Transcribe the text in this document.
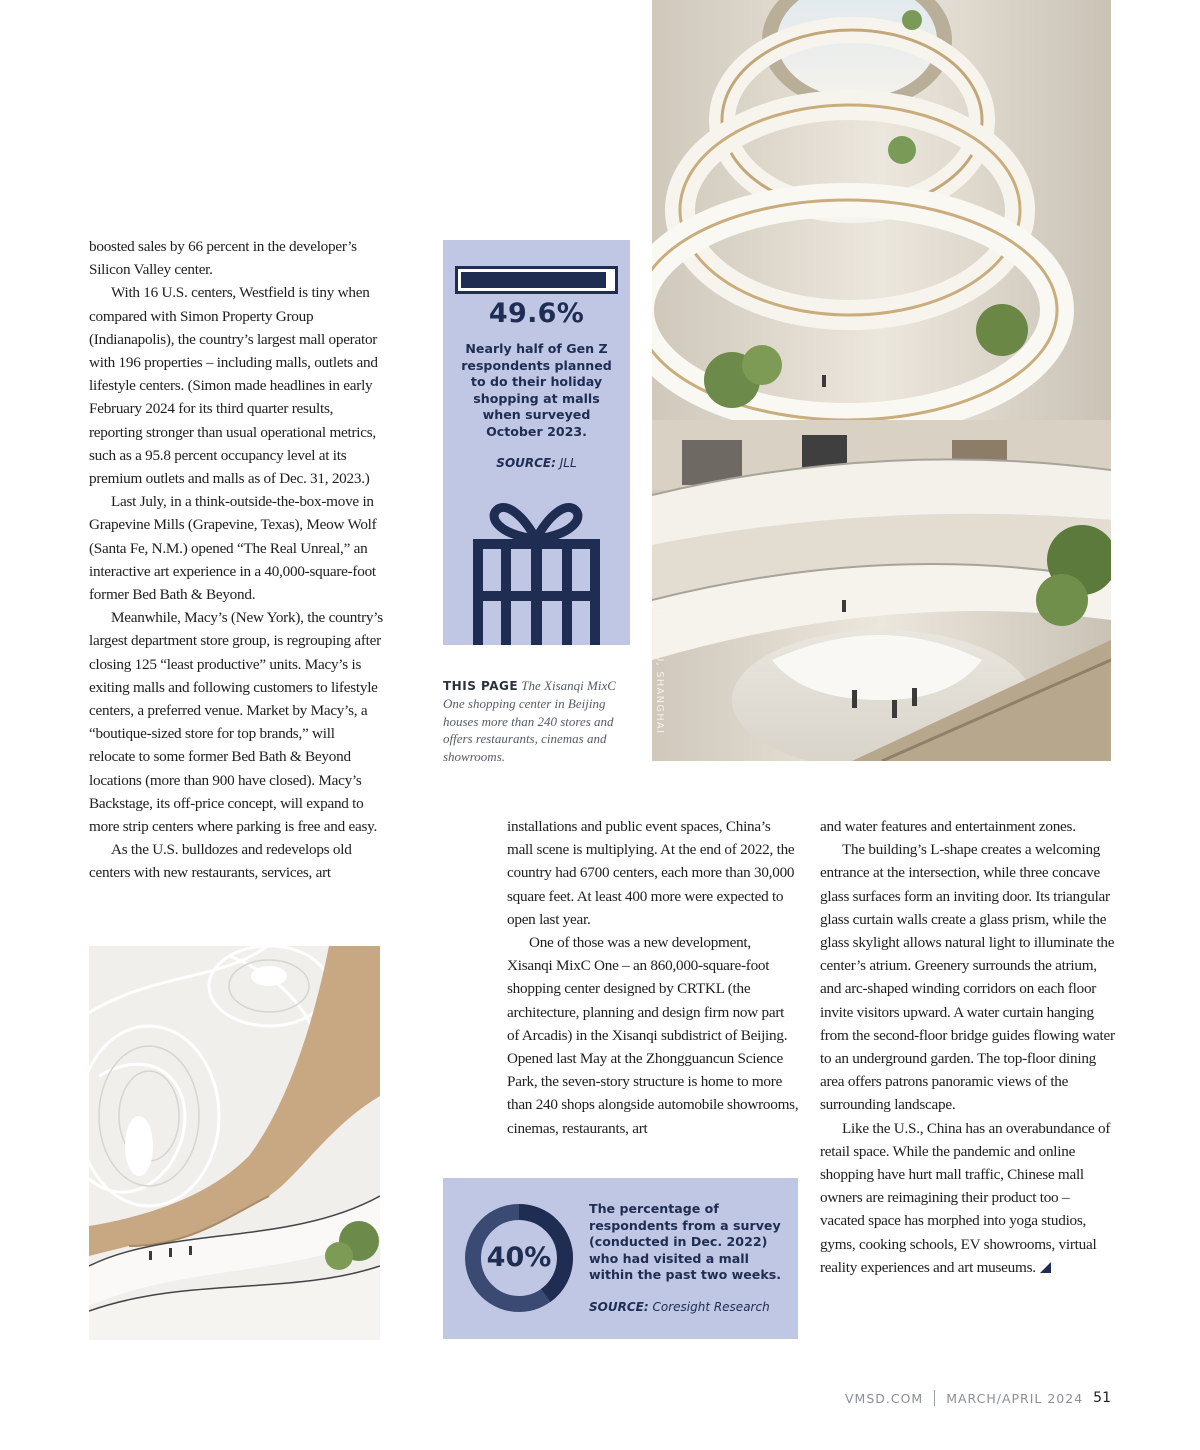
boosted sales by 66 percent in the developer’s Silicon Valley center.

With 16 U.S. centers, Westfield is tiny when compared with Simon Property Group (Indianapolis), the country’s largest mall operator with 196 properties – including malls, outlets and lifestyle centers. (Simon made headlines in early February 2024 for its third quarter results, reporting stronger than usual operational metrics, such as a 95.8 percent occupancy level at its premium outlets and malls as of Dec. 31, 2023.)

Last July, in a think-outside-the-box-move in Grapevine Mills (Grapevine, Texas), Meow Wolf (Santa Fe, N.M.) opened “The Real Unreal,” an interactive art experience in a 40,000-square-foot former Bed Bath & Beyond.

Meanwhile, Macy’s (New York), the country’s largest department store group, is regrouping after closing 125 “least productive” units. Macy’s is exiting malls and following customers to lifestyle centers, a preferred venue. Market by Macy’s, a “boutique-sized store for top brands,” will relocate to some former Bed Bath & Beyond locations (more than 900 have closed). Macy’s Backstage, its off-price concept, will expand to more strip centers where parking is free and easy.

As the U.S. bulldozes and redevelops old centers with new restaurants, services, art

49.6%
Nearly half of Gen Z respondents planned to do their holiday shopping at malls when surveyed October 2023.
SOURCE: JLL
THIS PAGE The Xisanqi MixC One shopping center in Beijing houses more than 240 stores and offers restaurants, cinemas and showrooms.
YIHUAI HU, SHANGHAI

installations and public event spaces, China’s mall scene is multiplying. At the end of 2022, the country had 6700 centers, each more than 30,000 square feet. At least 400 more were expected to open last year.

One of those was a new development, Xisanqi MixC One – an 860,000-square-foot shopping center designed by CRTKL (the architecture, planning and design firm now part of Arcadis) in the Xisanqi subdistrict of Beijing. Opened last May at the Zhongguancun Science Park, the seven-story structure is home to more than 240 shops alongside automobile showrooms, cinemas, restaurants, art

and water features and entertainment zones.

The building’s L-shape creates a welcoming entrance at the intersection, while three concave glass surfaces form an inviting door. Its triangular glass curtain walls create a glass prism, while the glass skylight allows natural light to illuminate the center’s atrium. Greenery surrounds the atrium, and arc-shaped winding corridors on each floor invite visitors upward. A water curtain hanging from the second-floor bridge guides flowing water to an underground garden. The top-floor dining area offers patrons panoramic views of the surrounding landscape.

Like the U.S., China has an overabundance of retail space. While the pandemic and online shopping have hurt mall traffic, Chinese mall owners are reimagining their product too – vacated space has morphed into yoga studios, gyms, cooking schools, EV showrooms, virtual reality experiences and art museums.

40%
The percentage of respondents from a survey (conducted in Dec. 2022) who had visited a mall within the past two weeks.
SOURCE: Coresight Research
VMSD.COM MARCH/APRIL 2024 51
